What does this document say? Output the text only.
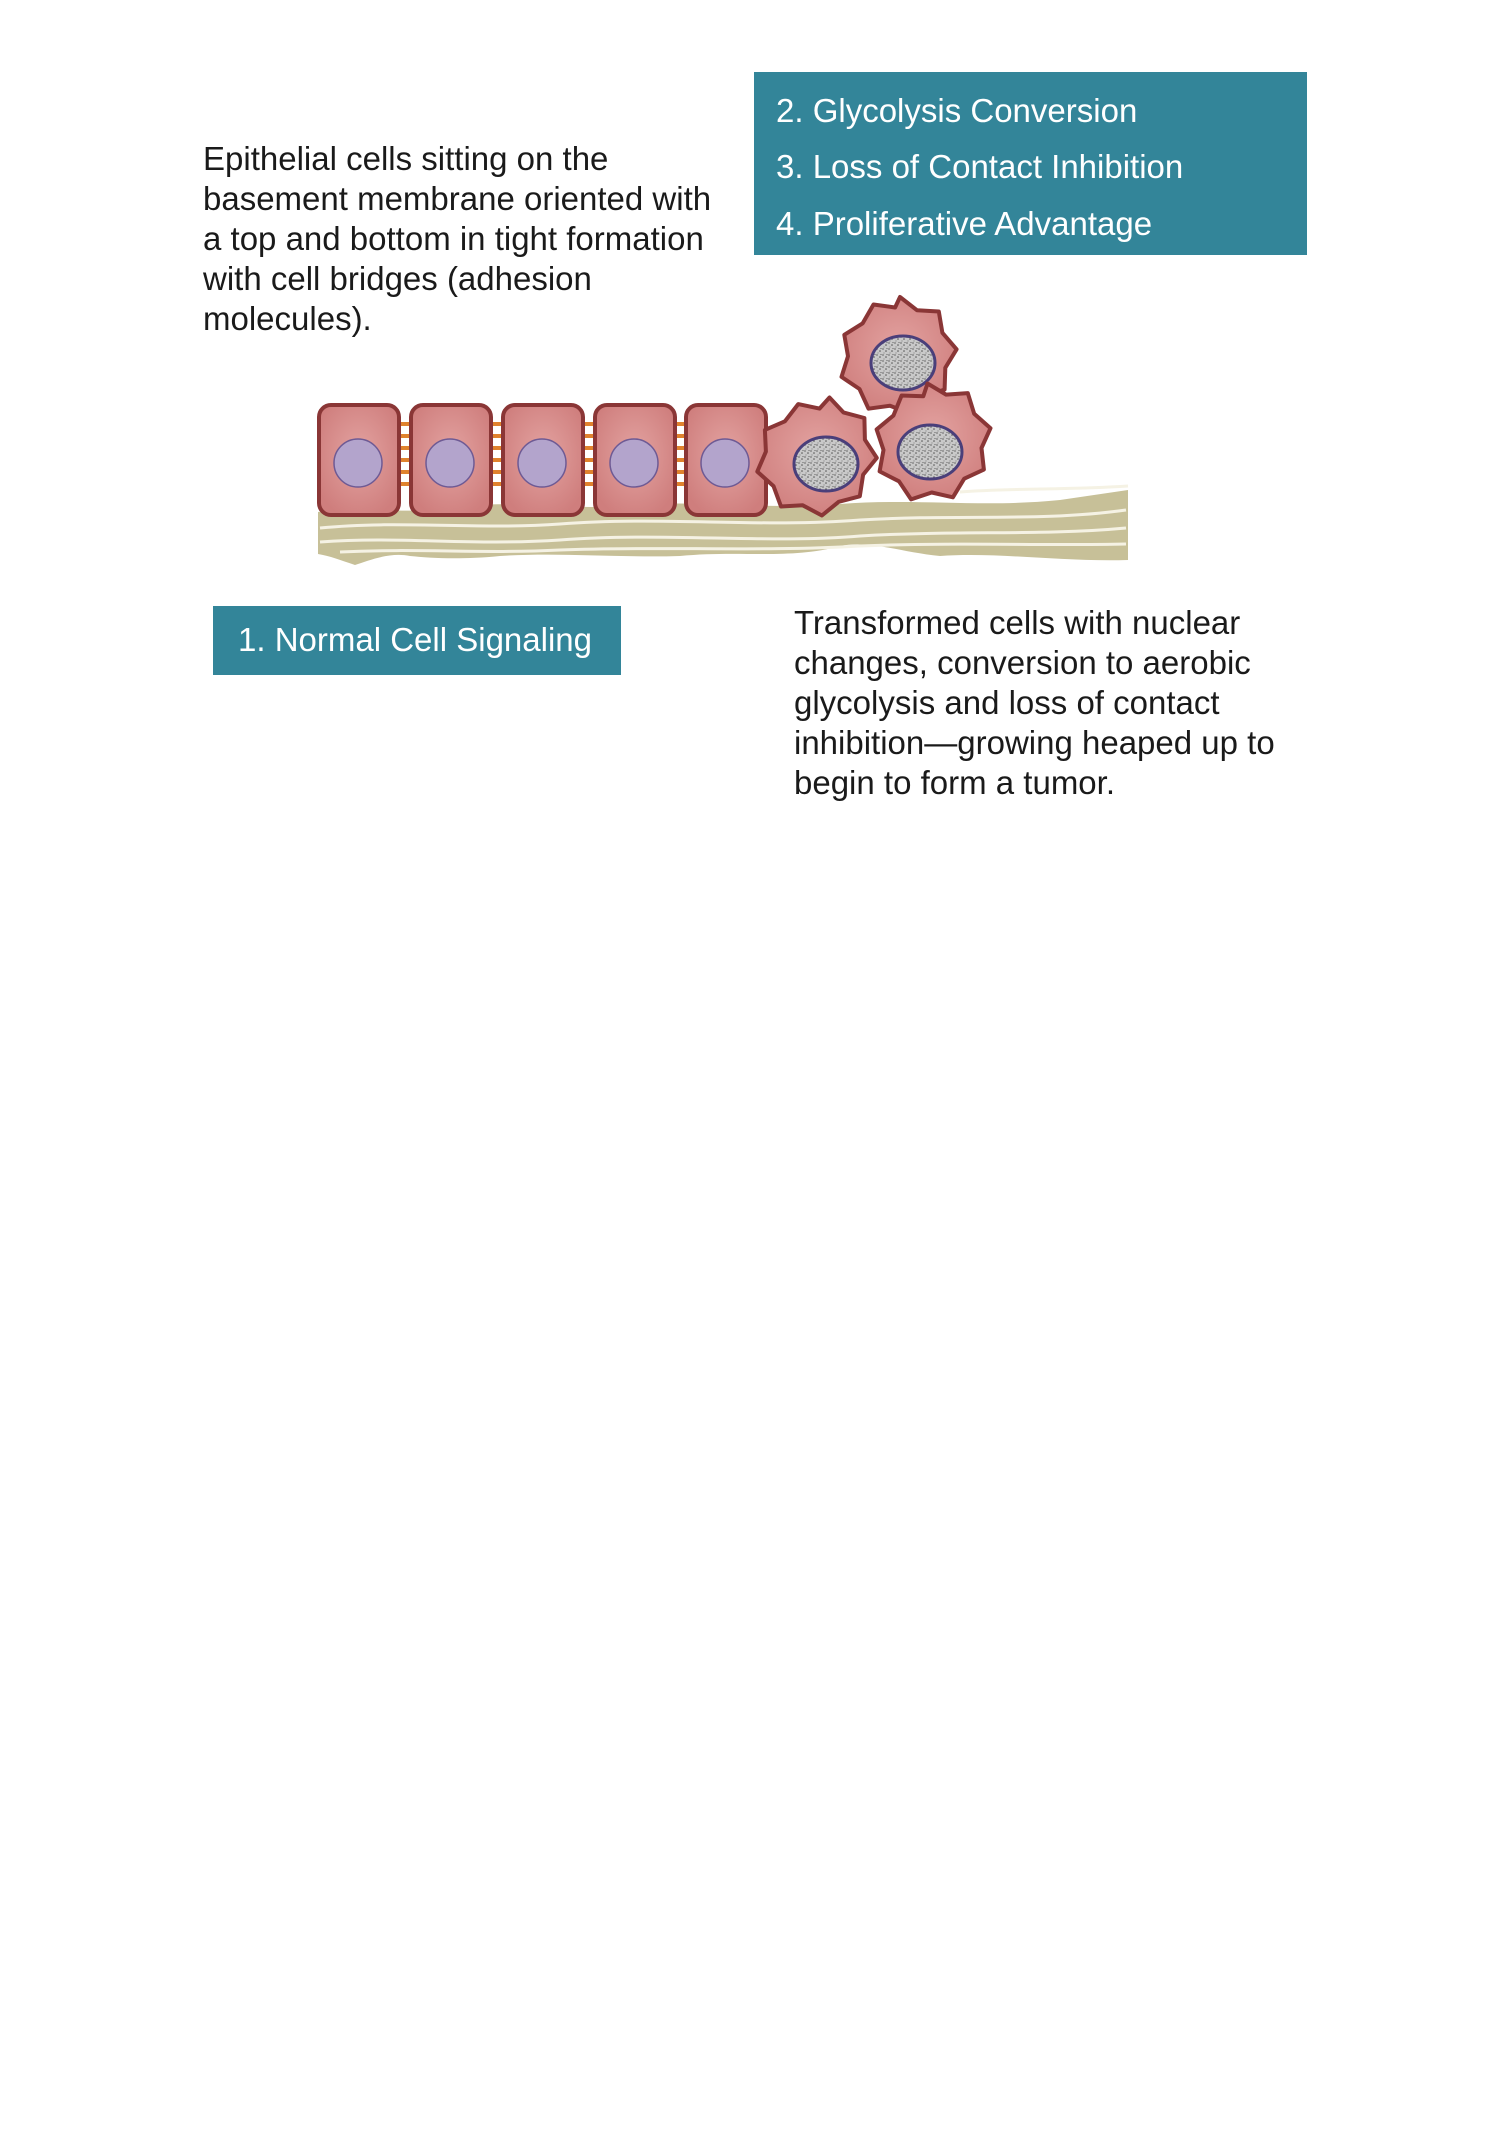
2. Glycolysis Conversion
3. Loss of Contact Inhibition
4. Proliferative Advantage
Epithelial cells sitting on the
basement membrane oriented with
a top and bottom in tight formation
with cell bridges (adhesion
molecules).
1. Normal Cell Signaling	Transformed cells with nuclear
changes, conversion to aerobic
glycolysis and loss of contact
inhibition—growing heaped up to
begin to form a tumor.
